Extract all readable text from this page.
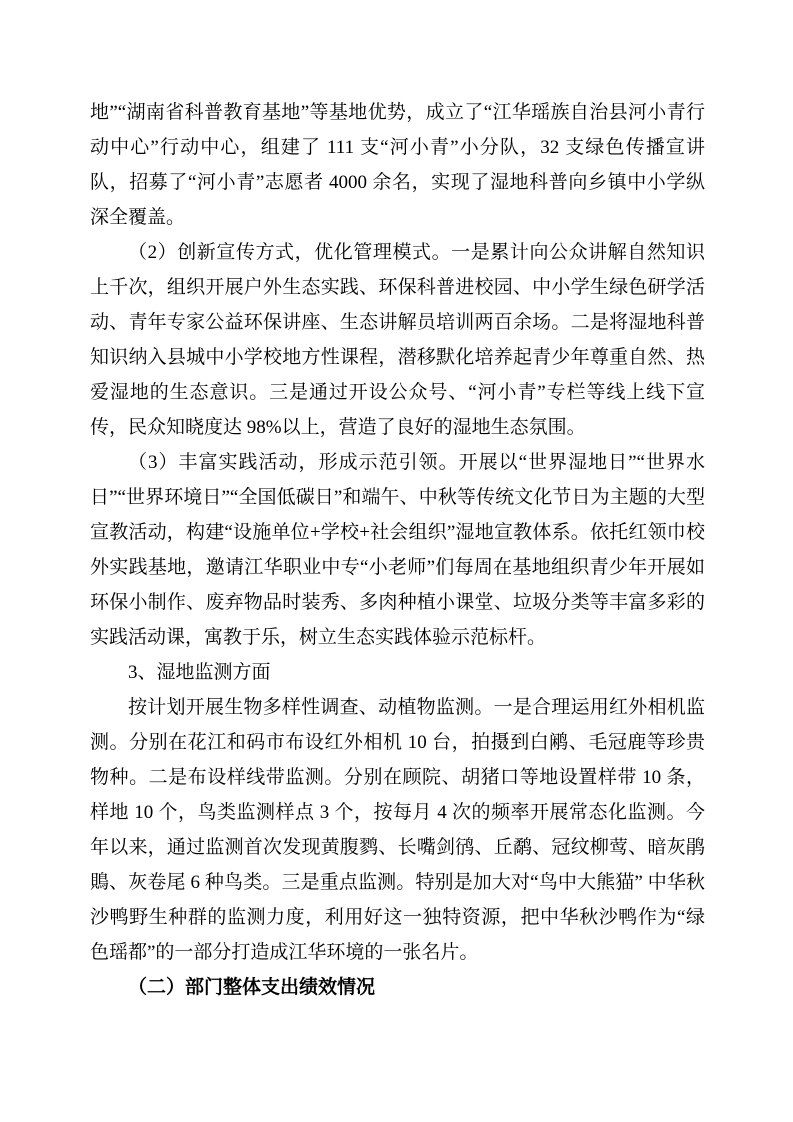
地”“湖南省科普教育基地”等基地优势，成立了“江华瑶族自治县河小青行动中心”行动中心，组建了 111 支“河小青”小分队，32 支绿色传播宣讲队，招募了“河小青”志愿者 4000 余名，实现了湿地科普向乡镇中小学纵深全覆盖。

（2）创新宣传方式，优化管理模式。一是累计向公众讲解自然知识上千次，组织开展户外生态实践、环保科普进校园、中小学生绿色研学活动、青年专家公益环保讲座、生态讲解员培训两百余场。二是将湿地科普知识纳入县城中小学校地方性课程，潜移默化培养起青少年尊重自然、热爱湿地的生态意识。三是通过开设公众号、“河小青”专栏等线上线下宣传，民众知晓度达 98%以上，营造了良好的湿地生态氛围。

（3）丰富实践活动，形成示范引领。开展以“世界湿地日”“世界水日”“世界环境日”“全国低碳日”和端午、中秋等传统文化节日为主题的大型宣教活动，构建“设施单位+学校+社会组织”湿地宣教体系。依托红领巾校外实践基地，邀请江华职业中专“小老师”们每周在基地组织青少年开展如环保小制作、废弃物品时装秀、多肉种植小课堂、垃圾分类等丰富多彩的实践活动课，寓教于乐，树立生态实践体验示范标杆。

3、湿地监测方面

按计划开展生物多样性调查、动植物监测。一是合理运用红外相机监测。分别在花江和码市布设红外相机 10 台，拍摄到白鹇、毛冠鹿等珍贵物种。二是布设样线带监测。分别在顾院、胡猪口等地设置样带 10 条，样地 10 个，鸟类监测样点 3 个，按每月 4 次的频率开展常态化监测。今年以来，通过监测首次发现黄腹鹨、长嘴剑鸻、丘鹬、冠纹柳莺、暗灰鹃鵙、灰卷尾 6 种鸟类。三是重点监测。特别是加大对“鸟中大熊猫” 中华秋沙鸭野生种群的监测力度，利用好这一独特资源，把中华秋沙鸭作为“绿色瑶都”的一部分打造成江华环境的一张名片。

（二）部门整体支出绩效情况
